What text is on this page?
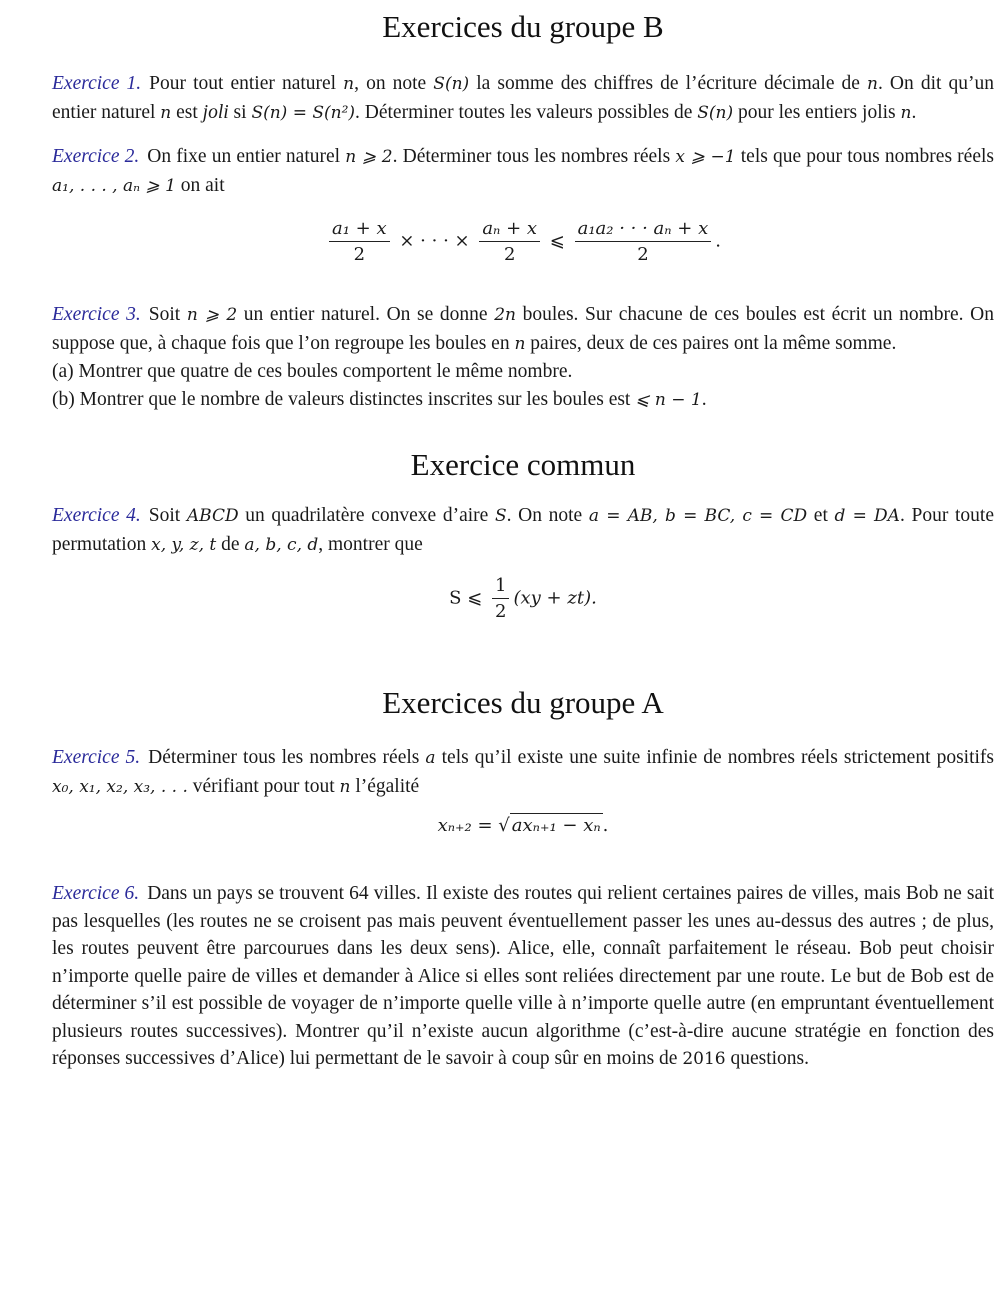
Exercices du groupe B

Exercice 1. Pour tout entier naturel n, on note S(n) la somme des chiffres de l’écriture décimale de n. On dit qu’un entier naturel n est joli si S(n) = S(n²). Déterminer toutes les valeurs possibles de S(n) pour les entiers jolis n.

Exercice 2. On fixe un entier naturel n ⩾ 2. Déterminer tous les nombres réels x ⩾ −1 tels que pour tous nombres réels a₁, . . . , aₙ ⩾ 1 on ait

$\frac{\text{a₁ + x}}{2}$ × · · · × $\frac{\text{aₙ + x}}{2}$ ⩽ $\frac{\text{a₁a₂ · · · aₙ + x}}{2}$ .

Exercice 3. Soit n ⩾ 2 un entier naturel. On se donne 2n boules. Sur chacune de ces boules est écrit un nombre. On suppose que, à chaque fois que l’on regroupe les boules en n paires, deux de ces paires ont la même somme.

(a) Montrer que quatre de ces boules comportent le même nombre.

(b) Montrer que le nombre de valeurs distinctes inscrites sur les boules est ⩽ n − 1.

Exercice commun

Exercice 4. Soit ABCD un quadrilatère convexe d’aire S. On note a = AB, b = BC, c = CD et d = DA. Pour toute permutation x, y, z, t de a, b, c, d, montrer que

S ⩽ $\frac{1}{2} (xy + zt)$.
Exercices du groupe A

Exercice 5. Déterminer tous les nombres réels a tels qu’il existe une suite infinie de nombres réels strictement positifs x₀, x₁, x₂, x₃, . . . vérifiant pour tout n l’égalité

xₙ₊₂ = √ axₙ₊₁ − xₙ .

Exercice 6. Dans un pays se trouvent 64 villes. Il existe des routes qui relient certaines paires de villes, mais Bob ne sait pas lesquelles (les routes ne se croisent pas mais peuvent éventuellement passer les unes au-dessus des autres ; de plus, les routes peuvent être parcourues dans les deux sens). Alice, elle, connaît parfaitement le réseau. Bob peut choisir n’importe quelle paire de villes et demander à Alice si elles sont reliées directement par une route. Le but de Bob est de déterminer s’il est possible de voyager de n’importe quelle ville à n’importe quelle autre (en empruntant éventuellement plusieurs routes successives). Montrer qu’il n’existe aucun algorithme (c’est-à-dire aucune stratégie en fonction des réponses successives d’Alice) lui permettant de le savoir à coup sûr en moins de 2016 questions.
